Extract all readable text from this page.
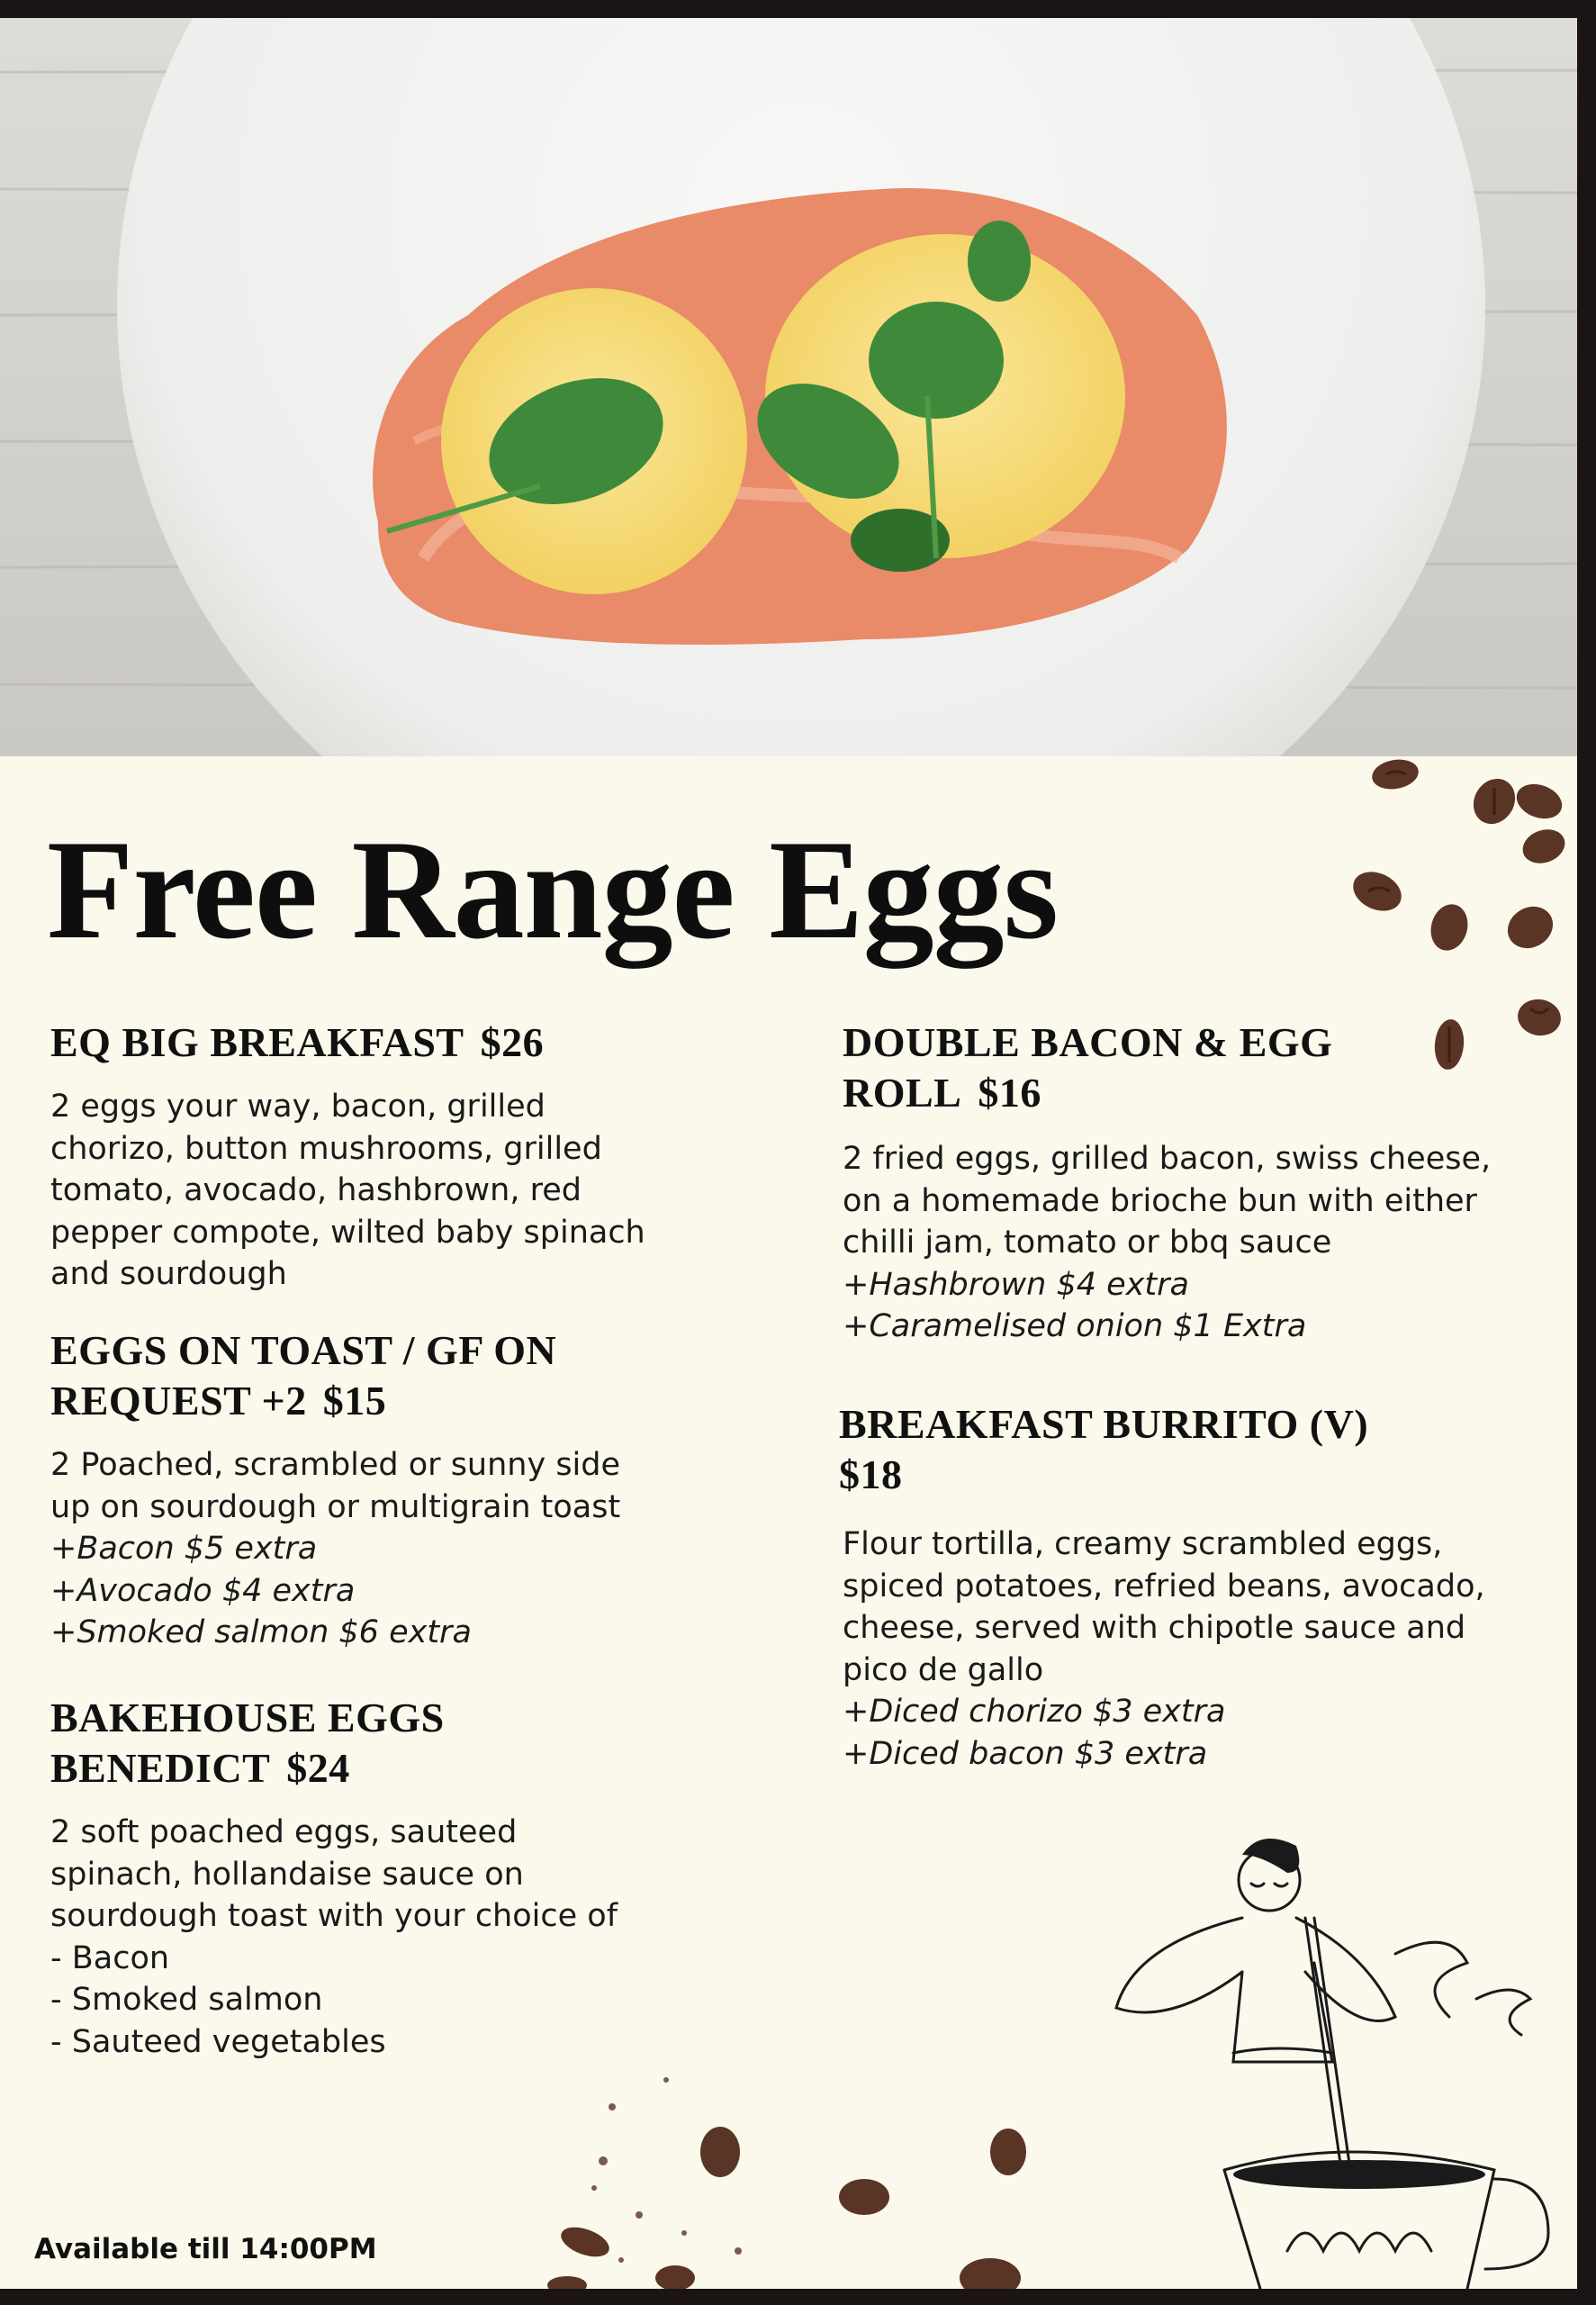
Free Range Eggs
EQ BIG BREAKFAST $26
2 eggs your way, bacon, grilled
chorizo, button mushrooms, grilled
tomato, avocado, hashbrown, red
pepper compote, wilted baby spinach
and sourdough
EGGS ON TOAST / GF ON
REQUEST +2 $15
2 Poached, scrambled or sunny side
up on sourdough or multigrain toast
+Bacon $5 extra
+Avocado $4 extra
+Smoked salmon $6 extra
BAKEHOUSE EGGS
BENEDICT $24
2 soft poached eggs, sauteed
spinach, hollandaise sauce on
sourdough toast with your choice of
- Bacon
- Smoked salmon
- Sauteed vegetables
DOUBLE BACON & EGG
ROLL $16
2 fried eggs, grilled bacon, swiss cheese,
on a homemade brioche bun with either
chilli jam, tomato or bbq sauce
+Hashbrown $4 extra
+Caramelised onion $1 Extra
BREAKFAST BURRITO (V)
$18
Flour tortilla, creamy scrambled eggs,
spiced potatoes, refried beans, avocado,
cheese, served with chipotle sauce and
pico de gallo
+Diced chorizo $3 extra
+Diced bacon $3 extra
Available till 14:00PM
